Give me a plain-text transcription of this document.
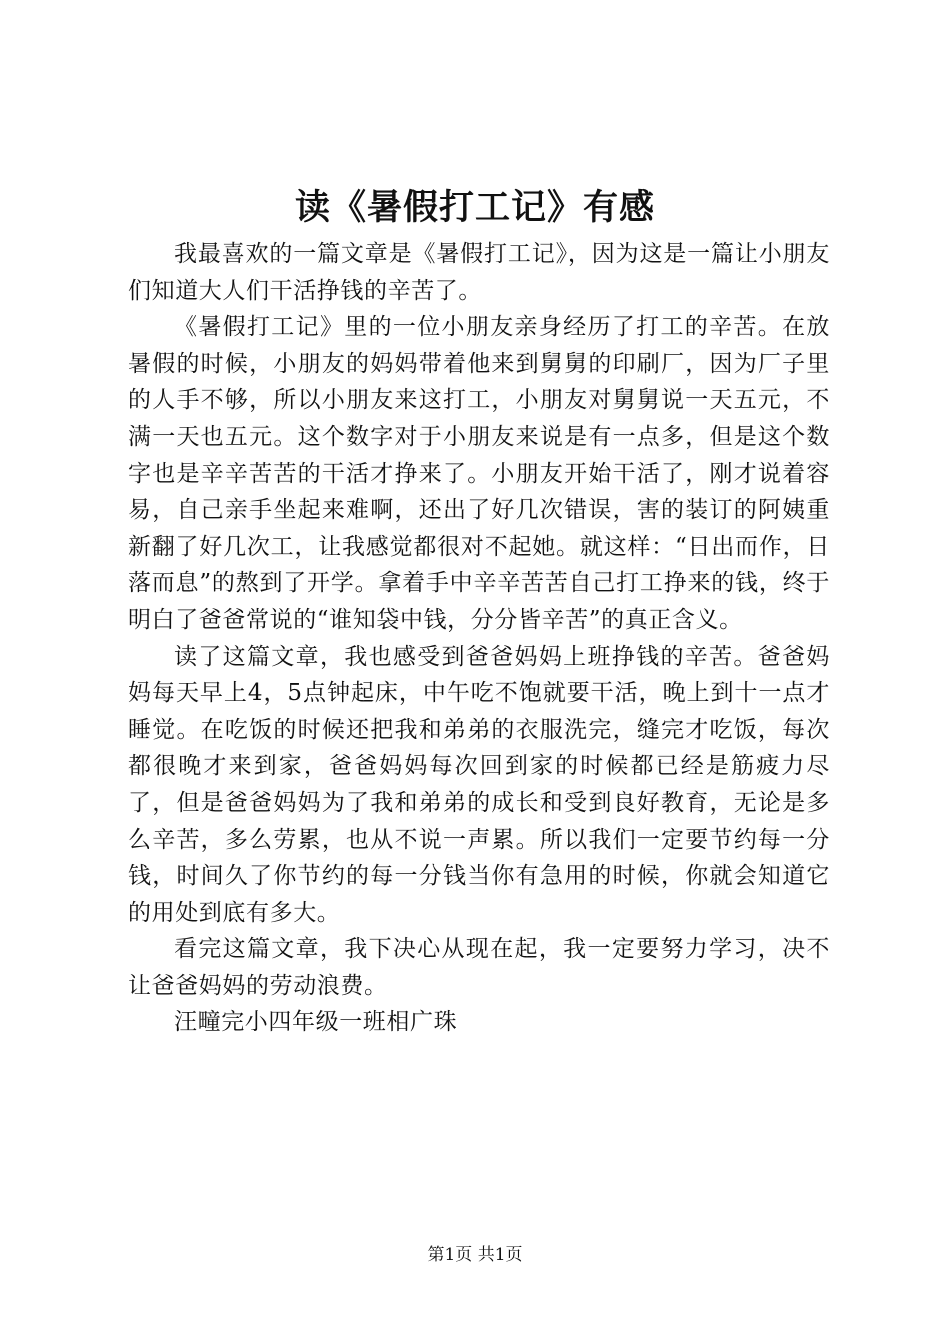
读《暑假打工记》有感

我最喜欢的一篇文章是《暑假打工记》，因为这是一篇让小朋友们知道大人们干活挣钱的辛苦了。

《暑假打工记》里的一位小朋友亲身经历了打工的辛苦。在放暑假的时候，小朋友的妈妈带着他来到舅舅的印刷厂，因为厂子里的人手不够，所以小朋友来这打工，小朋友对舅舅说一天五元，不满一天也五元。这个数字对于小朋友来说是有一点多，但是这个数字也是辛辛苦苦的干活才挣来了。小朋友开始干活了，刚才说着容易，自己亲手坐起来难啊，还出了好几次错误，害的装订的阿姨重新翻了好几次工，让我感觉都很对不起她。就这样：“日出而作，日落而息”的熬到了开学。拿着手中辛辛苦苦自己打工挣来的钱，终于明白了爸爸常说的“谁知袋中钱，分分皆辛苦”的真正含义。

读了这篇文章，我也感受到爸爸妈妈上班挣钱的辛苦。爸爸妈妈每天早上4，5点钟起床，中午吃不饱就要干活，晚上到十一点才睡觉。在吃饭的时候还把我和弟弟的衣服洗完，缝完才吃饭，每次都很晚才来到家，爸爸妈妈每次回到家的时候都已经是筋疲力尽了，但是爸爸妈妈为了我和弟弟的成长和受到良好教育，无论是多么辛苦，多么劳累，也从不说一声累。所以我们一定要节约每一分钱，时间久了你节约的每一分钱当你有急用的时候，你就会知道它的用处到底有多大。

看完这篇文章，我下决心从现在起，我一定要努力学习，决不让爸爸妈妈的劳动浪费。

汪疃完小四年级一班相广珠

第1页 共1页
